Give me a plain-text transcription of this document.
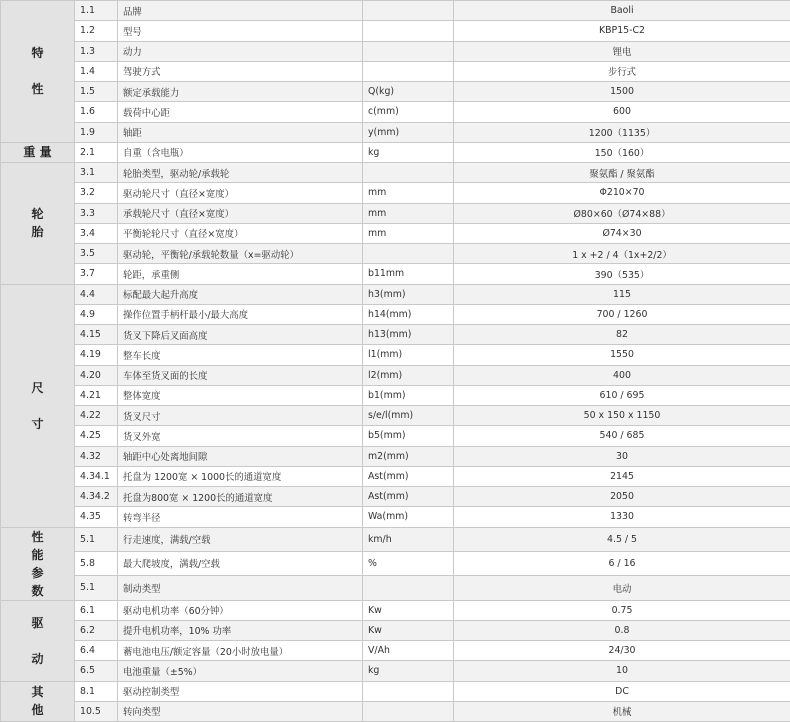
特

性	1.1	品牌		Baoli
	1.2	型号		KBP15-C2
	1.3	动力		锂电
	1.4	驾驶方式		步行式
	1.5	额定承载能力	Q(kg)	1500
	1.6	载荷中心距	c(mm)	600
	1.9	轴距	y(mm)	1200（1135）
重 量	2.1	自重（含电瓶）	kg	150（160）
轮
胎	3.1	轮胎类型，驱动轮/承载轮		聚氨酯 / 聚氨酯
	3.2	驱动轮尺寸（直径×宽度）	mm	Φ210×70
	3.3	承载轮尺寸（直径×宽度）	mm	Ø80×60（Ø74×88）
	3.4	平衡轮轮尺寸（直径×宽度）	mm	Ø74×30
	3.5	驱动轮，平衡轮/承载轮数量（x=驱动轮）		1 x +2 / 4（1x+2/2）
	3.7	轮距，承重侧	b11mm	390（535）
尺

寸	4.4	标配最大起升高度	h3(mm)	115
	4.9	操作位置手柄杆最小/最大高度	h14(mm)	700 / 1260
	4.15	货叉下降后叉面高度	h13(mm)	82
	4.19	整车长度	l1(mm)	1550
	4.20	车体至货叉面的长度	l2(mm)	400
	4.21	整体宽度	b1(mm)	610 / 695
	4.22	货叉尺寸	s/e/l(mm)	50 x 150 x 1150
	4.25	货叉外宽	b5(mm)	540 / 685
	4.32	轴距中心处离地间隙	m2(mm)	30
	4.34.1	托盘为 1200宽 × 1000长的通道宽度	Ast(mm)	2145
	4.34.2	托盘为800宽 × 1200长的通道宽度	Ast(mm)	2050
	4.35	转弯半径	Wa(mm)	1330
性
能
参
数	5.1	行走速度，满载/空载	km/h	4.5 / 5
	5.8	最大爬坡度，满载/空载	%	6 / 16
	5.1	制动类型		电动
驱

动	6.1	驱动电机功率（60分钟）	Kw	0.75
	6.2	提升电机功率，10% 功率	Kw	0.8
	6.4	蓄电池电压/额定容量（20小时放电量）	V/Ah	24/30
	6.5	电池重量（±5%）	kg	10
其
他	8.1	驱动控制类型		DC
	10.5	转向类型		机械
